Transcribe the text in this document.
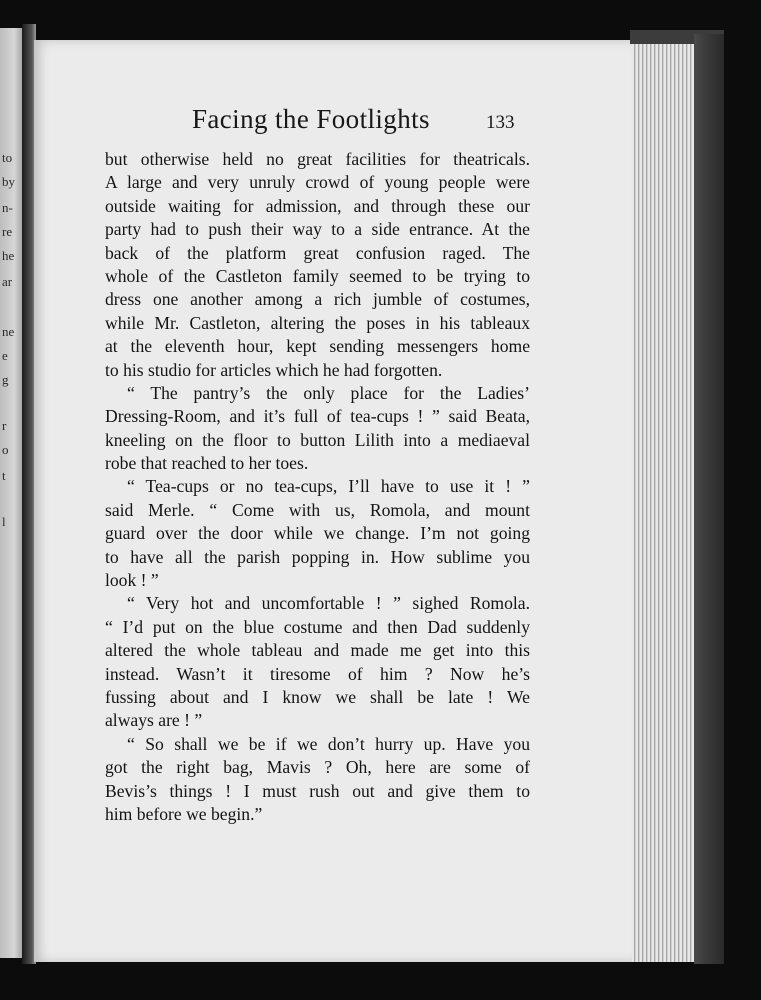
to
by
n-
re
he
ar
ne
e
g
r
o
t
l
Facing the Footlights	133
but otherwise held no great facilities for theatricals.
A large and very unruly crowd of young people were
outside waiting for admission, and through these our
party had to push their way to a side entrance. At the
back of the platform great confusion raged. The
whole of the Castleton family seemed to be trying to
dress one another among a rich jumble of costumes,
while Mr. Castleton, altering the poses in his tableaux
at the eleventh hour, kept sending messengers home
to his studio for articles which he had forgotten.
“ The pantry’s the only place for the Ladies’
Dressing-Room, and it’s full of tea-cups ! ” said Beata,
kneeling on the floor to button Lilith into a mediaeval
robe that reached to her toes.
“ Tea-cups or no tea-cups, I’ll have to use it ! ”
said Merle. “ Come with us, Romola, and mount
guard over the door while we change. I’m not going
to have all the parish popping in. How sublime you
look ! ”
“ Very hot and uncomfortable ! ” sighed Romola.
“ I’d put on the blue costume and then Dad suddenly
altered the whole tableau and made me get into this
instead. Wasn’t it tiresome of him ? Now he’s
fussing about and I know we shall be late ! We
always are ! ”
“ So shall we be if we don’t hurry up. Have you
got the right bag, Mavis ? Oh, here are some of
Bevis’s things ! I must rush out and give them to
him before we begin.”
